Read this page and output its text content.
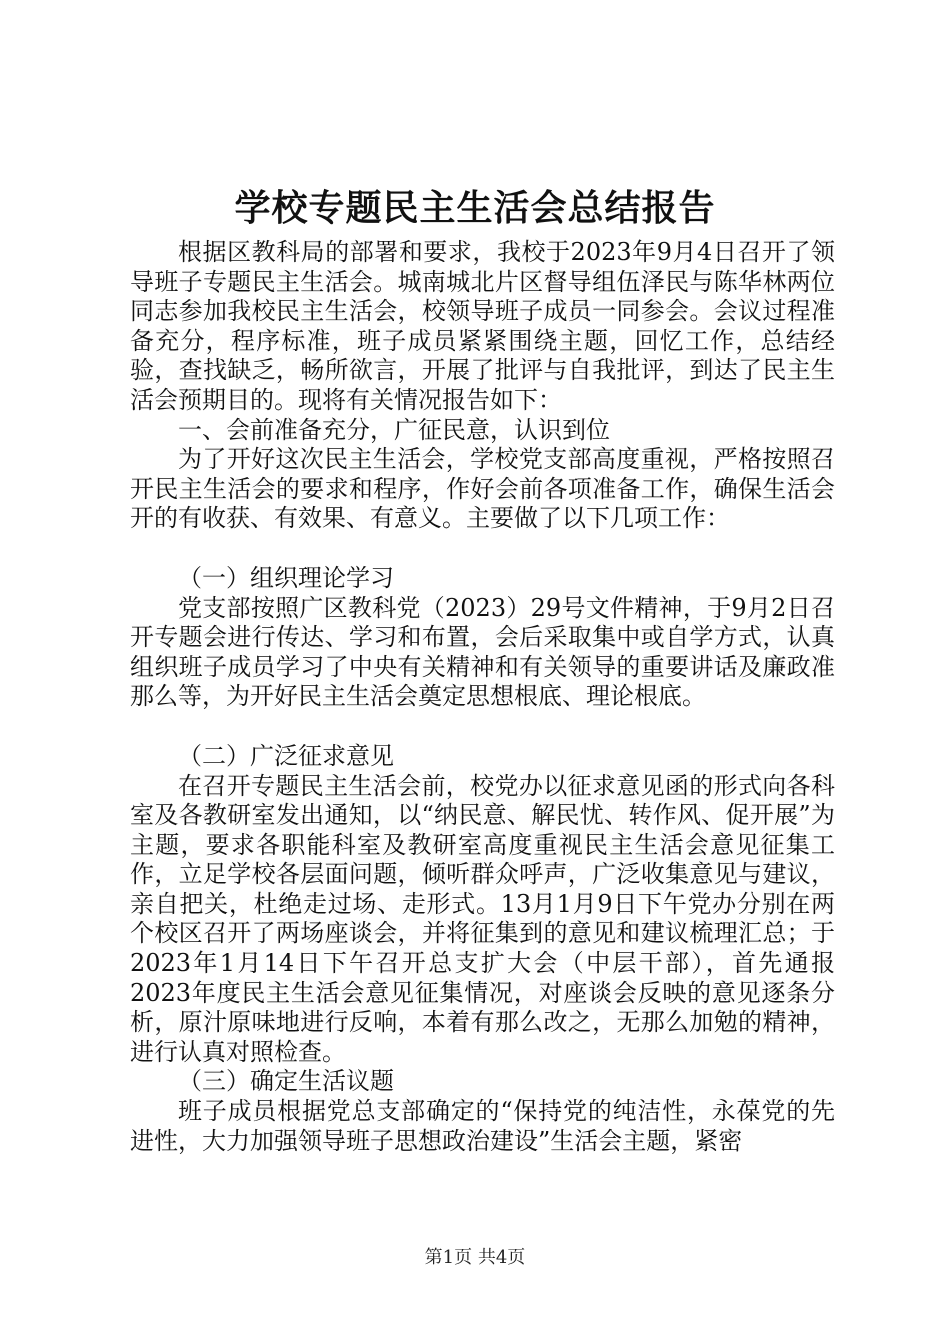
学校专题民主生活会总结报告

根据区教科局的部署和要求，我校于2023年9月4日召开了领导班子专题民主生活会。城南城北片区督导组伍泽民与陈华林两位同志参加我校民主生活会，校领导班子成员一同参会。会议过程准备充分，程序标准，班子成员紧紧围绕主题，回忆工作，总结经验，查找缺乏，畅所欲言，开展了批评与自我批评，到达了民主生活会预期目的。现将有关情况报告如下：

一、会前准备充分，广征民意，认识到位

为了开好这次民主生活会，学校党支部高度重视，严格按照召开民主生活会的要求和程序，作好会前各项准备工作，确保生活会开的有收获、有效果、有意义。主要做了以下几项工作：

（一）组织理论学习

党支部按照广区教科党（2023）29号文件精神，于9月2日召开专题会进行传达、学习和布置，会后采取集中或自学方式，认真组织班子成员学习了中央有关精神和有关领导的重要讲话及廉政准那么等，为开好民主生活会奠定思想根底、理论根底。

（二）广泛征求意见

在召开专题民主生活会前，校党办以征求意见函的形式向各科室及各教研室发出通知，以“纳民意、解民忧、转作风、促开展”为主题，要求各职能科室及教研室高度重视民主生活会意见征集工作，立足学校各层面问题，倾听群众呼声，广泛收集意见与建议，亲自把关，杜绝走过场、走形式。13月1月9日下午党办分别在两个校区召开了两场座谈会，并将征集到的意见和建议梳理汇总；于2023年1月14日下午召开总支扩大会（中层干部），首先通报2023年度民主生活会意见征集情况，对座谈会反映的意见逐条分析，原汁原味地进行反响，本着有那么改之，无那么加勉的精神，进行认真对照检查。

（三）确定生活议题

班子成员根据党总支部确定的“保持党的纯洁性，永葆党的先进性，大力加强领导班子思想政治建设”生活会主题，紧密

第1页 共4页
